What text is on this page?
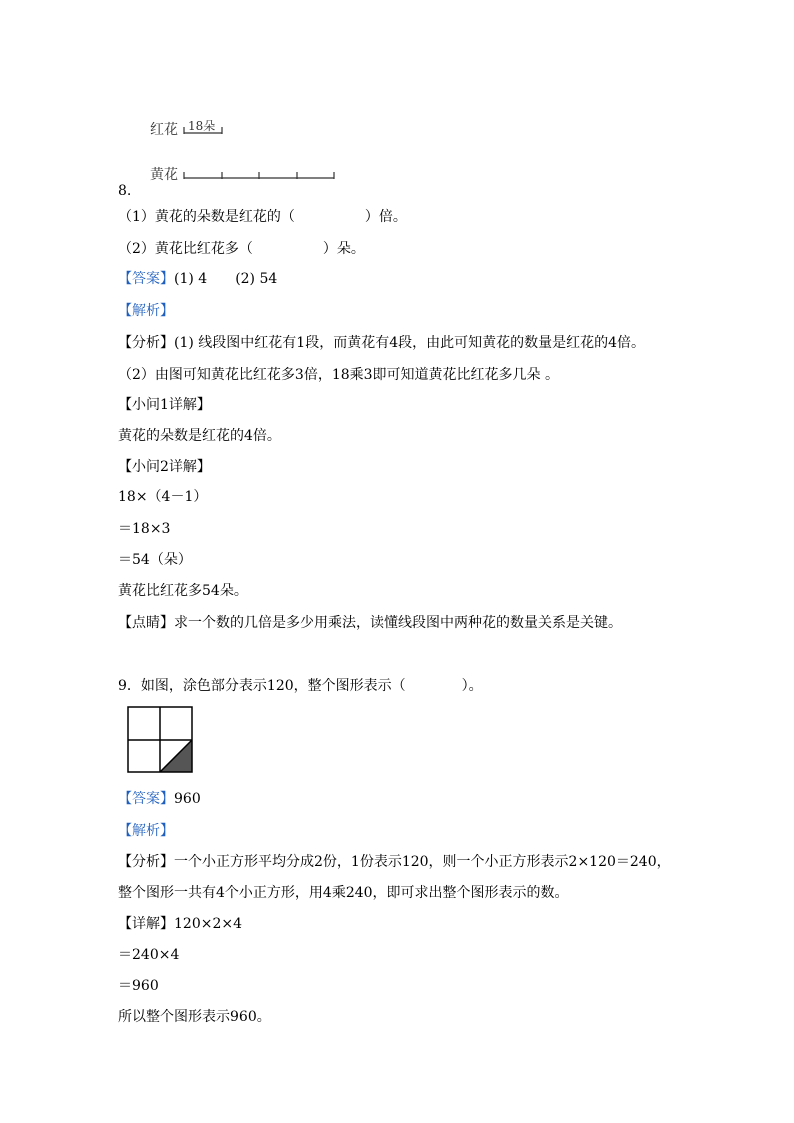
红花 18朵
黄花
8.
（1）黄花的朵数是红花的（　　　　　）倍。
（2）黄花比红花多（　　　　　）朵。
【答案】(1) 4　　(2) 54
【解析】
【分析】(1) 线段图中红花有1段，而黄花有4段，由此可知黄花的数量是红花的4倍。
（2）由图可知黄花比红花多3倍，18乘3即可知道黄花比红花多几朵 。
【小问1详解】
黄花的朵数是红花的4倍。
【小问2详解】
18×（4－1）
＝18×3
＝54（朵）
黄花比红花多54朵。
【点睛】求一个数的几倍是多少用乘法，读懂线段图中两种花的数量关系是关键。
9．如图，涂色部分表示120，整个图形表示（　　　　）。
【答案】960
【解析】
【分析】一个小正方形平均分成2份，1份表示120，则一个小正方形表示2×120＝240，
整个图形一共有4个小正方形，用4乘240，即可求出整个图形表示的数。
【详解】120×2×4
＝240×4
＝960
所以整个图形表示960。
